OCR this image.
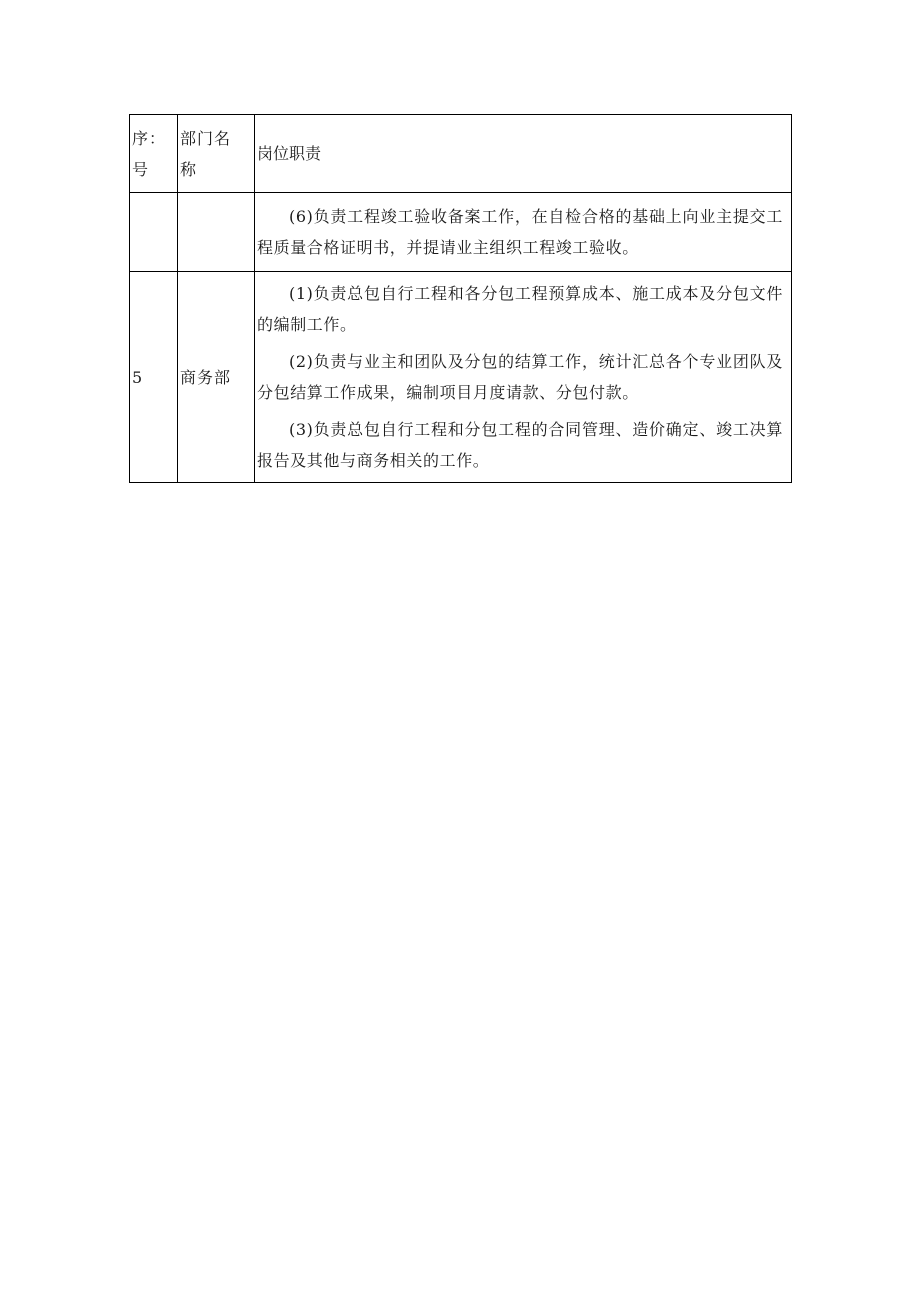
序：号	部门名称	岗位职责

		(6)负责工程竣工验收备案工作，在自检合格的基础上向业主提交工程质量合格证明书，并提请业主组织工程竣工验收。

5	商务部	(1)负责总包自行工程和各分包工程预算成本、施工成本及分包文件的编制工作。
(2)负责与业主和团队及分包的结算工作，统计汇总各个专业团队及分包结算工作成果，编制项目月度请款、分包付款。
(3)负责总包自行工程和分包工程的合同管理、造价确定、竣工决算报告及其他与商务相关的工作。
